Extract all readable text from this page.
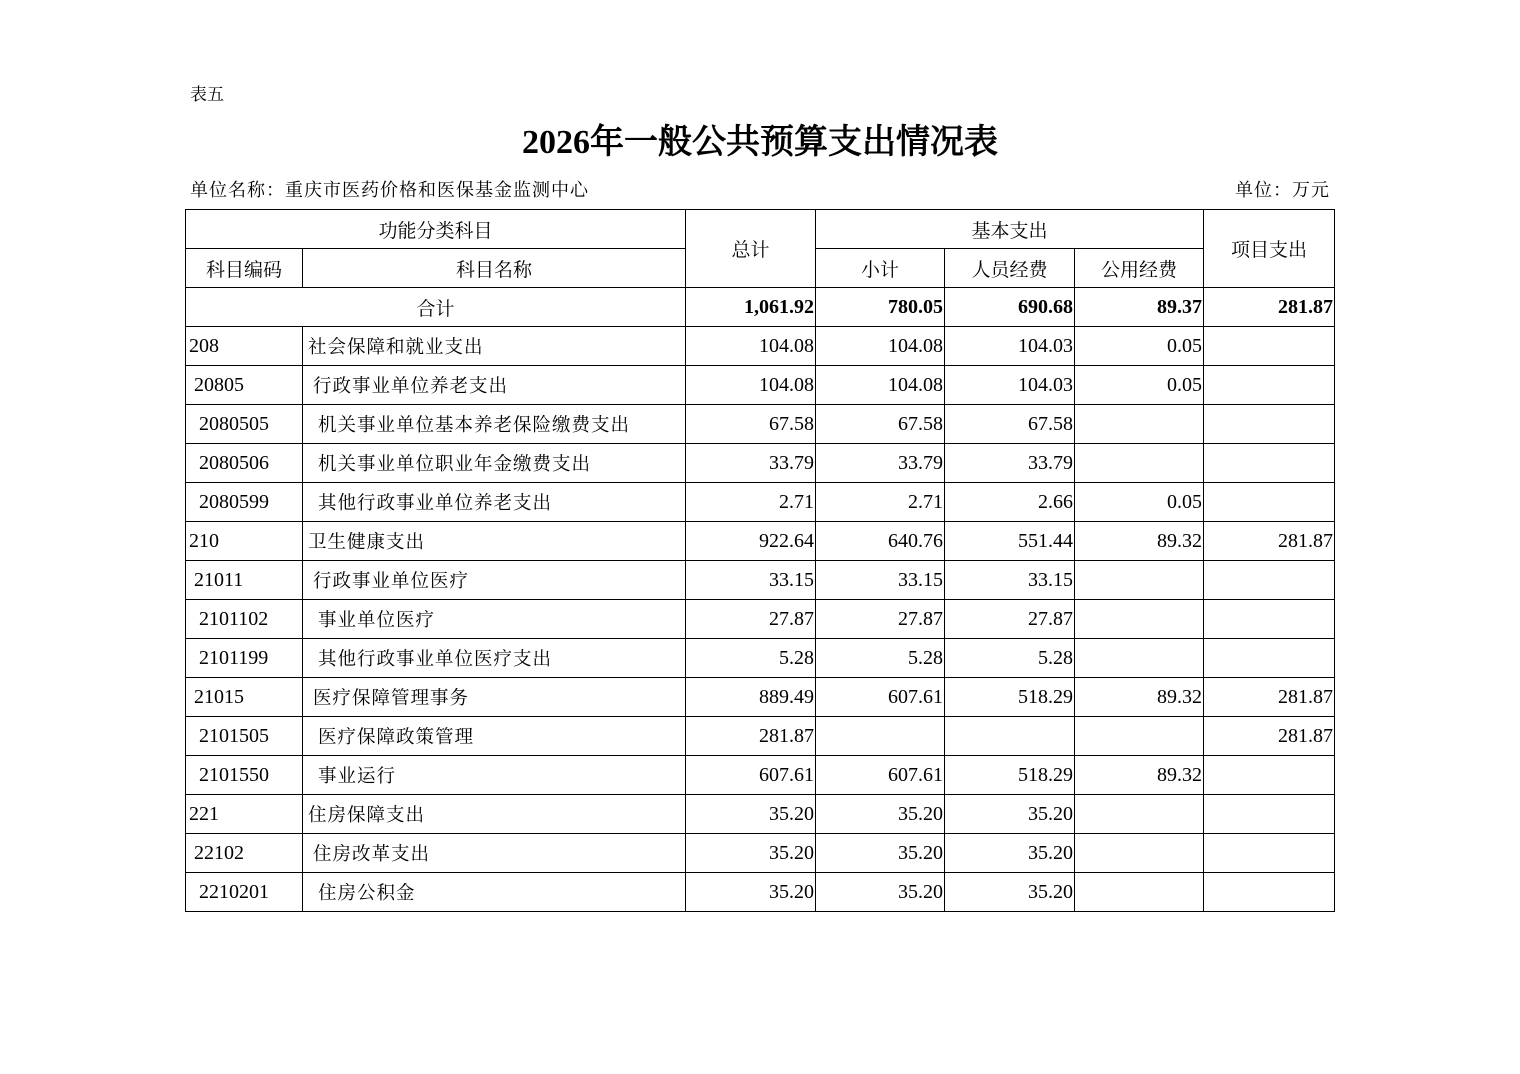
表五
2026年一般公共预算支出情况表
单位名称：重庆市医药价格和医保基金监测中心	单位：万元
功能分类科目		总计	基本支出			项目支出
科目编码	科目名称		小计	人员经费	公用经费	
合计		1,061.92	780.05	690.68	89.37	281.87
208	社会保障和就业支出	104.08	104.08	104.03	0.05	
20805	行政事业单位养老支出	104.08	104.08	104.03	0.05	
2080505	机关事业单位基本养老保险缴费支出	67.58	67.58	67.58		
2080506	机关事业单位职业年金缴费支出	33.79	33.79	33.79		
2080599	其他行政事业单位养老支出	2.71	2.71	2.66	0.05	
210	卫生健康支出	922.64	640.76	551.44	89.32	281.87
21011	行政事业单位医疗	33.15	33.15	33.15		
2101102	事业单位医疗	27.87	27.87	27.87		
2101199	其他行政事业单位医疗支出	5.28	5.28	5.28		
21015	医疗保障管理事务	889.49	607.61	518.29	89.32	281.87
2101505	医疗保障政策管理	281.87				281.87
2101550	事业运行	607.61	607.61	518.29	89.32	
221	住房保障支出	35.20	35.20	35.20		
22102	住房改革支出	35.20	35.20	35.20		
2210201	住房公积金	35.20	35.20	35.20		
